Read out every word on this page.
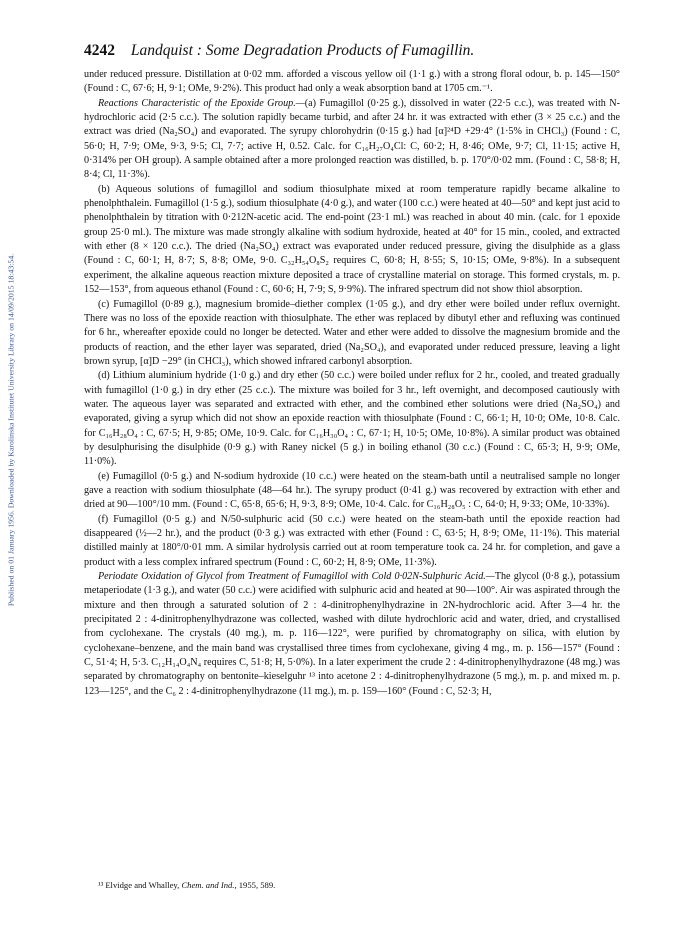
Published on 01 January 1956. Downloaded by Karolinska Institutet University Library on 14/09/2015 18:43:54.
4242 Landquist : Some Degradation Products of Fumagillin.

under reduced pressure. Distillation at 0·02 mm. afforded a viscous yellow oil (1·1 g.) with a strong floral odour, b. p. 145—150° (Found : C, 67·6; H, 9·1; OMe, 9·2%). This product had only a weak absorption band at 1705 cm.⁻¹.

Reactions Characteristic of the Epoxide Group.—(a) Fumagillol (0·25 g.), dissolved in water (22·5 c.c.), was treated with N-hydrochloric acid (2·5 c.c.). The solution rapidly became turbid, and after 24 hr. it was extracted with ether (3 × 25 c.c.) and the extract was dried (Na₂SO₄) and evaporated. The syrupy chlorohydrin (0·15 g.) had [α]²⁴D +29·4° (1·5% in CHCl₃) (Found : C, 56·0; H, 7·9; OMe, 9·3, 9·5; Cl, 7·7; active H, 0.52. Calc. for C₁₆H₂₇O₄Cl: C, 60·2; H, 8·46; OMe, 9·7; Cl, 11·15; active H, 0·314% per OH group). A sample obtained after a more prolonged reaction was distilled, b. p. 170°/0·02 mm. (Found : C, 58·8; H, 8·4; Cl, 11·3%).

(b) Aqueous solutions of fumagillol and sodium thiosulphate mixed at room temperature rapidly became alkaline to phenolphthalein. Fumagillol (1·5 g.), sodium thiosulphate (4·0 g.), and water (100 c.c.) were heated at 40—50° and kept just acid to phenolphthalein by titration with 0·212N-acetic acid. The end-point (23·1 ml.) was reached in about 40 min. (calc. for 1 epoxide group 25·0 ml.). The mixture was made strongly alkaline with sodium hydroxide, heated at 40° for 15 min., cooled, and extracted with ether (8 × 120 c.c.). The dried (Na₂SO₄) extract was evaporated under reduced pressure, giving the disulphide as a glass (Found : C, 60·1; H, 8·7; S, 8·8; OMe, 9·0. C₃₂H₅₄O₈S₂ requires C, 60·8; H, 8·55; S, 10·15; OMe, 9·8%). In a subsequent experiment, the alkaline aqueous reaction mixture deposited a trace of crystalline material on storage. This formed crystals, m. p. 152—153°, from aqueous ethanol (Found : C, 60·6; H, 7·9; S, 9·9%). The infrared spectrum did not show thiol absorption.

(c) Fumagillol (0·89 g.), magnesium bromide–diether complex (1·05 g.), and dry ether were boiled under reflux overnight. There was no loss of the epoxide reaction with thiosulphate. The ether was replaced by dibutyl ether and refluxing was continued for 6 hr., whereafter epoxide could no longer be detected. Water and ether were added to dissolve the magnesium bromide and the products of reaction, and the ether layer was separated, dried (Na₂SO₄), and evaporated under reduced pressure, leaving a light brown syrup, [α]D −29° (in CHCl₃), which showed infrared carbonyl absorption.

(d) Lithium aluminium hydride (1·0 g.) and dry ether (50 c.c.) were boiled under reflux for 2 hr., cooled, and treated gradually with fumagillol (1·0 g.) in dry ether (25 c.c.). The mixture was boiled for 3 hr., left overnight, and decomposed cautiously with water. The aqueous layer was separated and extracted with ether, and the combined ether solutions were dried (Na₂SO₄) and evaporated, giving a syrup which did not show an epoxide reaction with thiosulphate (Found : C, 66·1; H, 10·0; OMe, 10·8. Calc. for C₁₆H₂₈O₄ : C, 67·5; H, 9·85; OMe, 10·9. Calc. for C₁₆H₃₀O₄ : C, 67·1; H, 10·5; OMe, 10·8%). A similar product was obtained by desulphurising the disulphide (0·9 g.) with Raney nickel (5 g.) in boiling ethanol (30 c.c.) (Found : C, 65·3; H, 9·9; OMe, 11·0%).

(e) Fumagillol (0·5 g.) and N-sodium hydroxide (10 c.c.) were heated on the steam-bath until a neutralised sample no longer gave a reaction with sodium thiosulphate (48—64 hr.). The syrupy product (0·41 g.) was recovered by extraction with ether and dried at 90—100°/10 mm. (Found : C, 65·8, 65·6; H, 9·3, 8·9; OMe, 10·4. Calc. for C₁₆H₂₈O₅ : C, 64·0; H, 9·33; OMe, 10·33%).

(f) Fumagillol (0·5 g.) and N/50-sulphuric acid (50 c.c.) were heated on the steam-bath until the epoxide reaction had disappeared (½—2 hr.), and the product (0·3 g.) was extracted with ether (Found : C, 63·5; H, 8·9; OMe, 11·1%). This material distilled mainly at 180°/0·01 mm. A similar hydrolysis carried out at room temperature took ca. 24 hr. for completion, and gave a product with a less complex infrared spectrum (Found : C, 60·2; H, 8·9; OMe, 11·3%).

Periodate Oxidation of Glycol from Treatment of Fumagillol with Cold 0·02N-Sulphuric Acid.—The glycol (0·8 g.), potassium metaperiodate (1·3 g.), and water (50 c.c.) were acidified with sulphuric acid and heated at 90—100°. Air was aspirated through the mixture and then through a saturated solution of 2 : 4-dinitrophenylhydrazine in 2N-hydrochloric acid. After 3—4 hr. the precipitated 2 : 4-dinitrophenylhydrazone was collected, washed with dilute hydrochloric acid and water, dried, and crystallised from cyclohexane. The crystals (40 mg.), m. p. 116—122°, were purified by chromatography on silica, with elution by cyclohexane–benzene, and the main band was crystallised three times from cyclohexane, giving 4 mg., m. p. 156—157° (Found : C, 51·4; H, 5·3. C₁₂H₁₄O₄N₄ requires C, 51·8; H, 5·0%). In a later experiment the crude 2 : 4-dinitrophenylhydrazone (48 mg.) was separated by chromatography on bentonite–kieselguhr ¹³ into acetone 2 : 4-dinitrophenylhydrazone (5 mg.), m. p. and mixed m. p. 123—125°, and the C₆ 2 : 4-dinitrophenylhydrazone (11 mg.), m. p. 159—160° (Found : C, 52·3; H,

¹³ Elvidge and Whalley, Chem. and Ind., 1955, 589.
